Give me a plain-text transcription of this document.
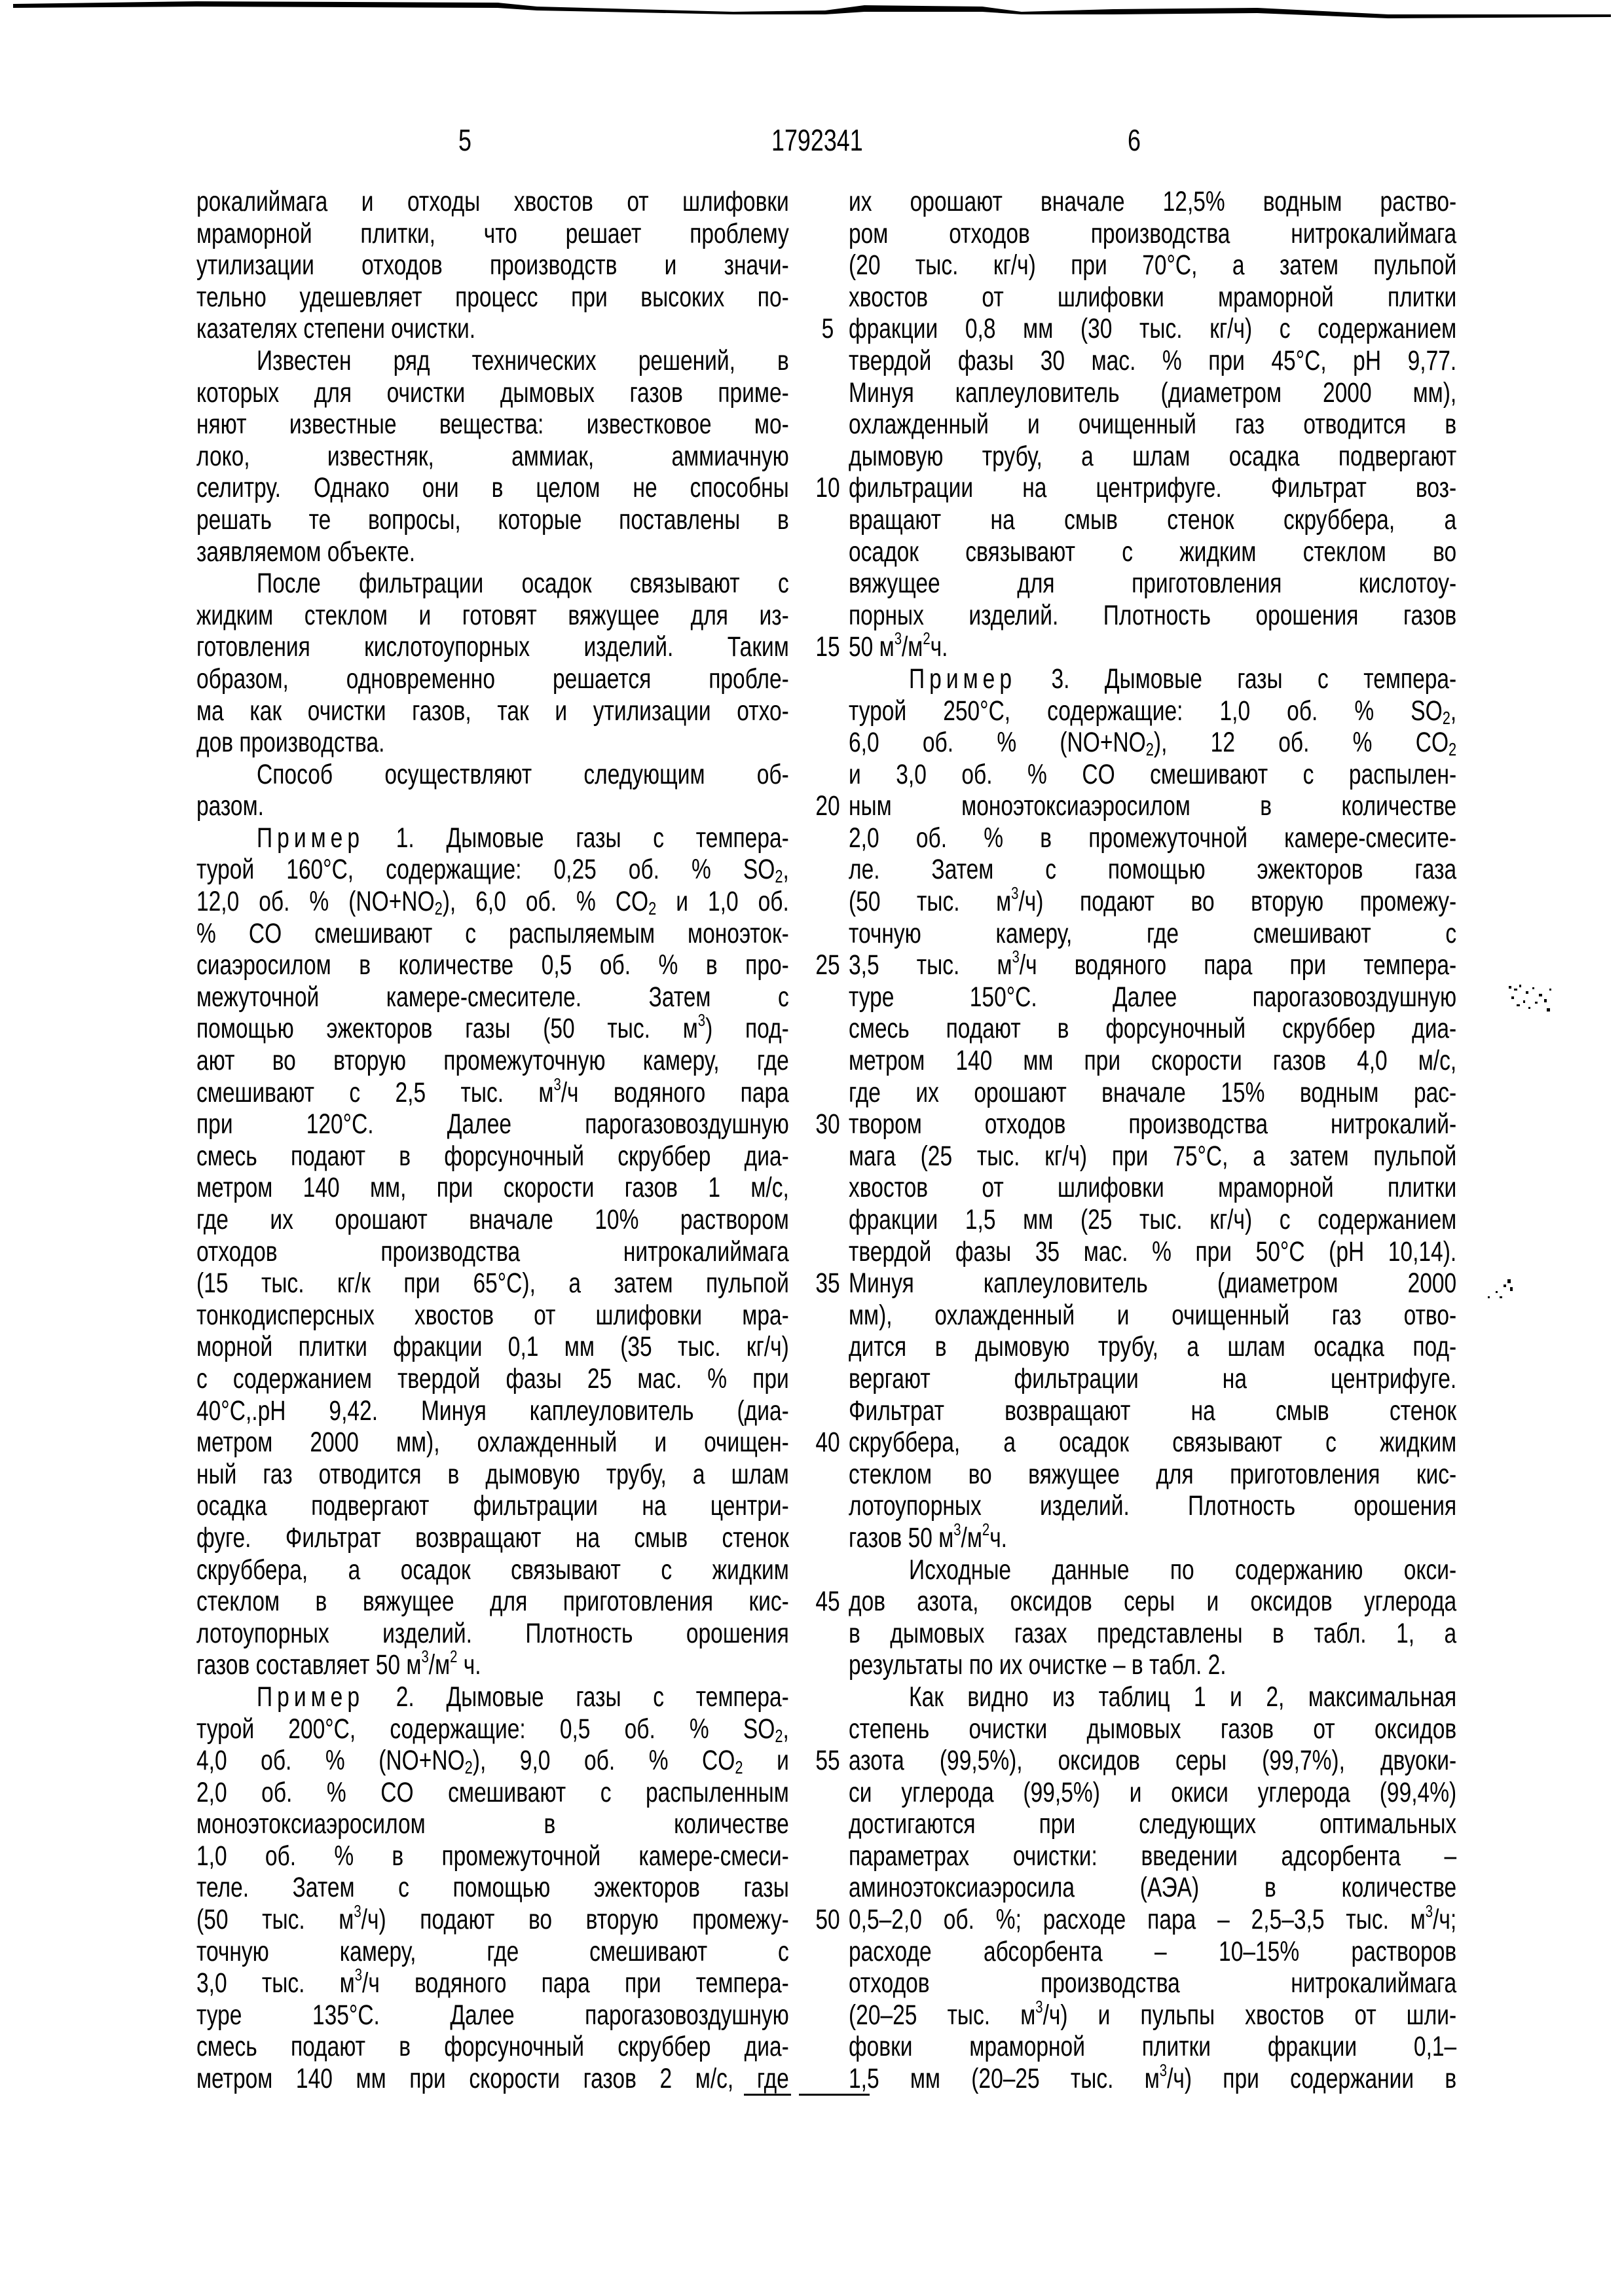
5	1792341	6
рокалиймага и отходы хвостов от шлифовки
мраморной плитки, что решает проблему
утилизации отходов производств и значи-
тельно удешевляет процесс при высоких по-
казателях степени очистки.
Известен ряд технических решений, в
которых для очистки дымовых газов приме-
няют известные вещества: известковое мо-
локо, известняк, аммиак, аммиачную
селитру. Однако они в целом не способны
решать те вопросы, которые поставлены в
заявляемом объекте.
После фильтрации осадок связывают с
жидким стеклом и готовят вяжущее для из-
готовления кислотоупорных изделий. Таким
образом, одновременно решается пробле-
ма как очистки газов, так и утилизации отхо-
дов производства.
Способ осуществляют следующим об-
разом.
Пример 1. Дымовые газы с темпера-
турой 160°С, содержащие: 0,25 об. % SO2,
12,0 об. % (NO+NO2), 6,0 об. % CO2 и 1,0 об.
% CO смешивают с распыляемым моноэток-
сиаэросилом в количестве 0,5 об. % в про-
межуточной камере-смесителе. Затем с
помощью эжекторов газы (50 тыс. м3) под-
ают во вторую промежуточную камеру, где
смешивают с 2,5 тыс. м3/ч водяного пара
при 120°С. Далее парогазовоздушную
смесь подают в форсуночный скруббер диа-
метром 140 мм, при скорости газов 1 м/с,
где их орошают вначале 10% раствором
отходов производства нитрокалиймага
(15 тыс. кг/к при 65°С), а затем пульпой
тонкодисперсных хвостов от шлифовки мра-
морной плитки фракции 0,1 мм (35 тыс. кг/ч)
с содержанием твердой фазы 25 мас. % при
40°С,.pH 9,42. Минуя каплеуловитель (диа-
метром 2000 мм), охлажденный и очищен-
ный газ отводится в дымовую трубу, а шлам
осадка подвергают фильтрации на центри-
фуге. Фильтрат возвращают на смыв стенок
скруббера, а осадок связывают с жидким
стеклом в вяжущее для приготовления кис-
лотоупорных изделий. Плотность орошения
газов составляет 50 м3/м2 ч.
Пример 2. Дымовые газы с темпера-
турой 200°С, содержащие: 0,5 об. % SO2,
4,0 об. % (NO+NO2), 9,0 об. % CO2 и
2,0 об. % CO смешивают с распыленным
моноэтоксиаэросилом в количестве
1,0 об. % в промежуточной камере-смеси-
теле. Затем с помощью эжекторов газы
(50 тыс. м3/ч) подают во вторую промежу-
точную камеру, где смешивают с
3,0 тыс. м3/ч водяного пара при темпера-
туре 135°С. Далее парогазовоздушную
смесь подают в форсуночный скруббер диа-
метром 140 мм при скорости газов 2 м/с, где
5
10
15
20
25
30
35
40
45
55
50
их орошают вначале 12,5% водным раство-
ром отходов производства нитрокалиймага
(20 тыс. кг/ч) при 70°С, а затем пульпой
хвостов от шлифовки мраморной плитки
фракции 0,8 мм (30 тыс. кг/ч) с содержанием
твердой фазы 30 мас. % при 45°С, pH 9,77.
Минуя каплеуловитель (диаметром 2000 мм),
охлажденный и очищенный газ отводится в
дымовую трубу, а шлам осадка подвергают
фильтрации на центрифуге. Фильтрат воз-
вращают на смыв стенок скруббера, а
осадок связывают с жидким стеклом во
вяжущее для приготовления кислотоу-
порных изделий. Плотность орошения газов
50 м3/м2ч.
Пример 3. Дымовые газы с темпера-
турой 250°С, содержащие: 1,0 об. % SO2,
6,0 об. % (NO+NO2), 12 об. % CO2
и 3,0 об. % CO смешивают с распылен-
ным моноэтоксиаэросилом в количестве
2,0 об. % в промежуточной камере-смесите-
ле. Затем с помощью эжекторов газа
(50 тыс. м3/ч) подают во вторую промежу-
точную камеру, где смешивают с
3,5 тыс. м3/ч водяного пара при темпера-
туре 150°С. Далее парогазовоздушную
смесь подают в форсуночный скруббер диа-
метром 140 мм при скорости газов 4,0 м/с,
где их орошают вначале 15% водным рас-
твором отходов производства нитрокалий-
мага (25 тыс. кг/ч) при 75°С, а затем пульпой
хвостов от шлифовки мраморной плитки
фракции 1,5 мм (25 тыс. кг/ч) с содержанием
твердой фазы 35 мас. % при 50°С (pH 10,14).
Минуя каплеуловитель (диаметром 2000
мм), охлажденный и очищенный газ отво-
дится в дымовую трубу, а шлам осадка под-
вергают фильтрации на центрифуге.
Фильтрат возвращают на смыв стенок
скруббера, а осадок связывают с жидким
стеклом во вяжущее для приготовления кис-
лотоупорных изделий. Плотность орошения
газов 50 м3/м2ч.
Исходные данные по содержанию окси-
дов азота, оксидов серы и оксидов углерода
в дымовых газах представлены в табл. 1, а
результаты по их очистке – в табл. 2.
Как видно из таблиц 1 и 2, максимальная
степень очистки дымовых газов от оксидов
азота (99,5%), оксидов серы (99,7%), двуоки-
си углерода (99,5%) и окиси углерода (99,4%)
достигаются при следующих оптимальных
параметрах очистки: введении адсорбента –
аминоэтоксиаэросила (АЭА) в количестве
0,5–2,0 об. %; расходе пара – 2,5–3,5 тыс. м3/ч;
расходе абсорбента – 10–15% растворов
отходов производства нитрокалиймага
(20–25 тыс. м3/ч) и пульпы хвостов от шли-
фовки мраморной плитки фракции 0,1–
1,5 мм (20–25 тыс. м3/ч) при содержании в
